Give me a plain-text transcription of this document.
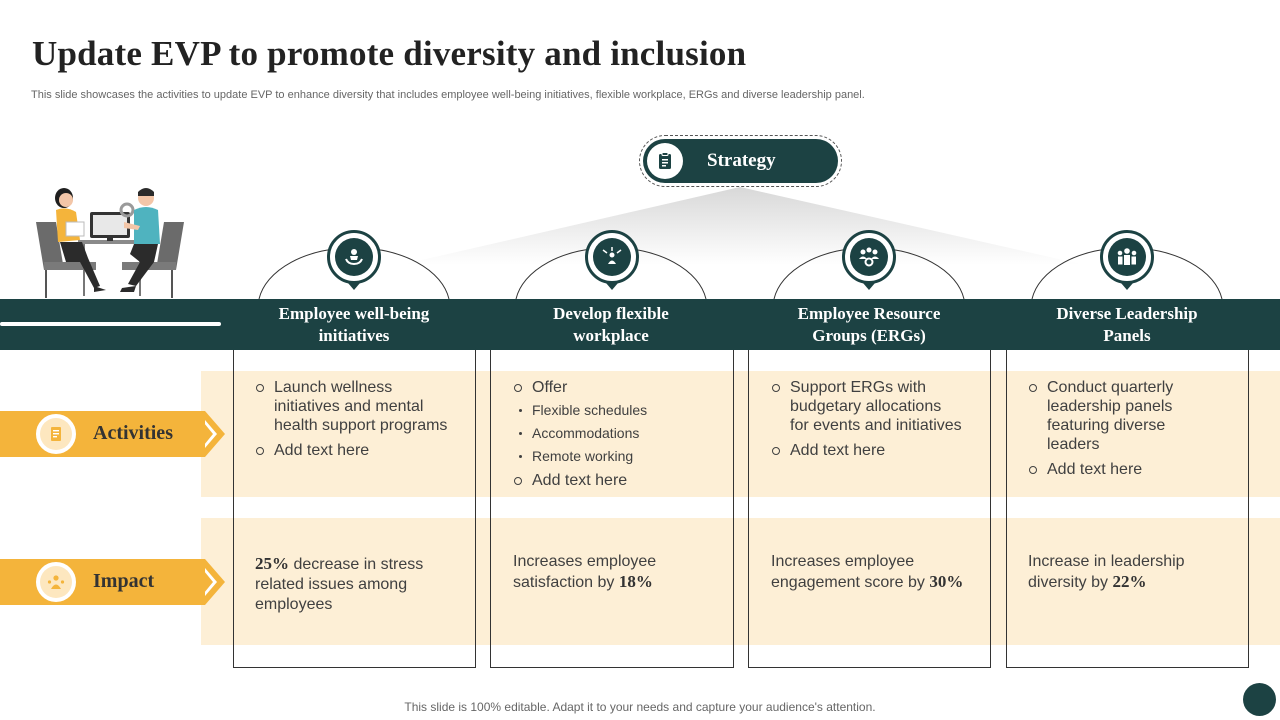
Update EVP to promote diversity and inclusion
This slide showcases the activities to update EVP to enhance diversity that includes employee well-being initiatives, flexible workplace, ERGs and diverse leadership panel.
Strategy
Employee well-being
initiatives
Develop flexible
workplace
Employee Resource
Groups (ERGs)
Diverse Leadership
Panels
Activities
Impact
Launch wellness initiatives and mental health support programs
Add text here
Offer
Flexible schedules
Accommodations
Remote working
Add text here
Support ERGs with budgetary allocations for events and initiatives
Add text here
Conduct quarterly leadership panels featuring diverse leaders
Add text here
25% decrease in stress related issues among employees
Increases employee satisfaction by 18%
Increases employee engagement score by 30%
Increase in leadership diversity by 22%
This slide is 100% editable. Adapt it to your needs and capture your audience's attention.
